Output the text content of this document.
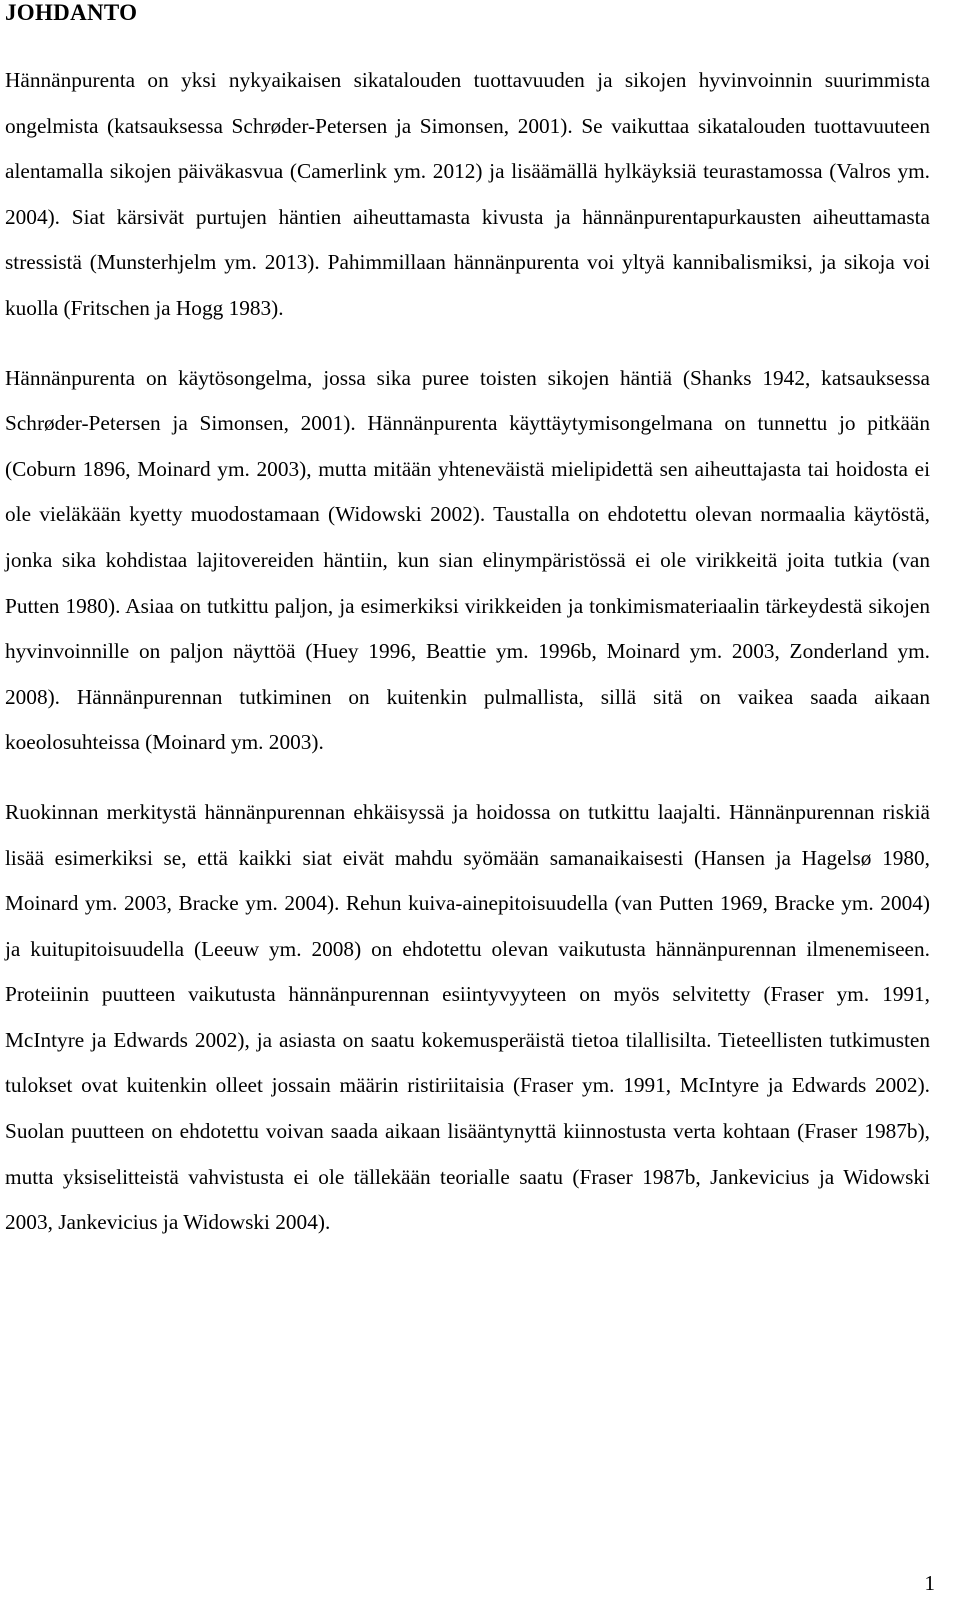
JOHDANTO

Hännänpurenta on yksi nykyaikaisen sikatalouden tuottavuuden ja sikojen hyvinvoinnin suurimmista ongelmista (katsauksessa Schrøder-Petersen ja Simonsen, 2001). Se vaikuttaa sikatalouden tuottavuuteen alentamalla sikojen päiväkasvua (Camerlink ym. 2012) ja lisäämällä hylkäyksiä teurastamossa (Valros ym. 2004). Siat kärsivät purtujen häntien aiheuttamasta kivusta ja hännänpurentapurkausten aiheuttamasta stressistä (Munsterhjelm ym. 2013). Pahimmillaan hännänpurenta voi yltyä kannibalismiksi, ja sikoja voi kuolla (Fritschen ja Hogg 1983).

Hännänpurenta on käytösongelma, jossa sika puree toisten sikojen häntiä (Shanks 1942, katsauksessa Schrøder-Petersen ja Simonsen, 2001). Hännänpurenta käyttäytymisongelmana on tunnettu jo pitkään (Coburn 1896, Moinard ym. 2003), mutta mitään yhteneväistä mielipidettä sen aiheuttajasta tai hoidosta ei ole vieläkään kyetty muodostamaan (Widowski 2002). Taustalla on ehdotettu olevan normaalia käytöstä, jonka sika kohdistaa lajitovereiden häntiin, kun sian elinympäristössä ei ole virikkeitä joita tutkia (van Putten 1980). Asiaa on tutkittu paljon, ja esimerkiksi virikkeiden ja tonkimismateriaalin tärkeydestä sikojen hyvinvoinnille on paljon näyttöä (Huey 1996, Beattie ym. 1996b, Moinard ym. 2003, Zonderland ym. 2008). Hännänpurennan tutkiminen on kuitenkin pulmallista, sillä sitä on vaikea saada aikaan koeolosuhteissa (Moinard ym. 2003).

Ruokinnan merkitystä hännänpurennan ehkäisyssä ja hoidossa on tutkittu laajalti. Hännänpurennan riskiä lisää esimerkiksi se, että kaikki siat eivät mahdu syömään samanaikaisesti (Hansen ja Hagelsø 1980, Moinard ym. 2003, Bracke ym. 2004). Rehun kuiva-ainepitoisuudella (van Putten 1969, Bracke ym. 2004) ja kuitupitoisuudella (Leeuw ym. 2008) on ehdotettu olevan vaikutusta hännänpurennan ilmenemiseen. Proteiinin puutteen vaikutusta hännänpurennan esiintyvyyteen on myös selvitetty (Fraser ym. 1991, McIntyre ja Edwards 2002), ja asiasta on saatu kokemusperäistä tietoa tilallisilta. Tieteellisten tutkimusten tulokset ovat kuitenkin olleet jossain määrin ristiriitaisia (Fraser ym. 1991, McIntyre ja Edwards 2002). Suolan puutteen on ehdotettu voivan saada aikaan lisääntynyttä kiinnostusta verta kohtaan (Fraser 1987b), mutta yksiselitteistä vahvistusta ei ole tällekään teorialle saatu (Fraser 1987b, Jankevicius ja Widowski 2003, Jankevicius ja Widowski 2004).

1
